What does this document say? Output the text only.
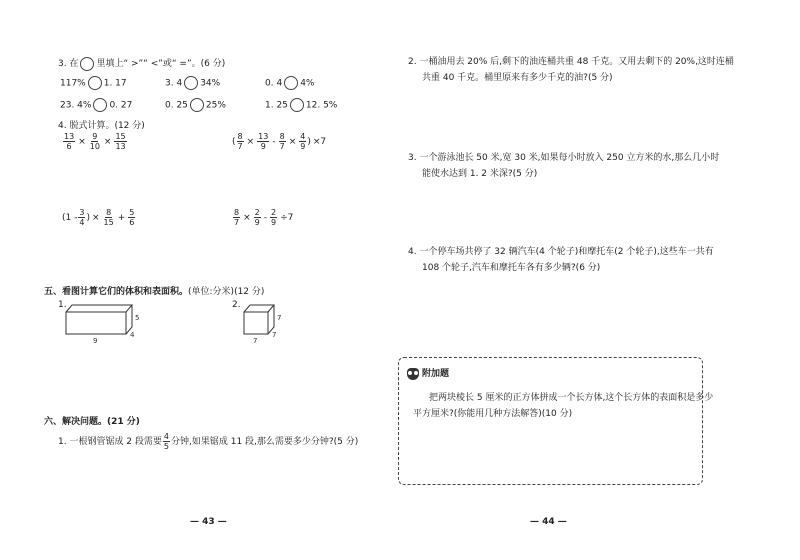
3. 在 里填上“ >”“ <”或“ =”。(6 分)
117% 1. 17	3. 4 34%	0. 4 4%
23. 4% 0. 27	0. 25 25%	1. 25 12. 5%
4. 脱式计算。(12 分)
$\frac{13}{6} \times \frac{9}{10} \times \frac{15}{13}$	( $\frac{8}{7} \times \frac{13}{9} - \frac{8}{7} \times \frac{4}{9}$ ) ×7
($1 - \frac{3}{4}$ ) × $\frac{8}{15} + \frac{5}{6}$	$\frac{8}{7} \times \frac{2}{9} - \frac{2}{9} \div 7$
五、看图计算它们的体积和表面积。(单位:分米)(12 分)
1.
9
5
4
2.
7
7
7
六、解决问题。(21 分)
1. 一根钢管锯成 2 段需要 $\frac{4}{5}$ 分钟,如果锯成 11 段,那么需要多少分钟?(5 分)
— 43 —
2. 一桶油用去 20% 后,剩下的油连桶共重 48 千克。又用去剩下的 20%,这时连桶
共重 40 千克。桶里原来有多少千克的油?(5 分)
3. 一个游泳池长 50 米,宽 30 米,如果每小时放入 250 立方米的水,那么几小时
能使水达到 1. 2 米深?(5 分)
4. 一个停车场共停了 32 辆汽车(4 个轮子)和摩托车(2 个轮子),这些车一共有
108 个轮子,汽车和摩托车各有多少辆?(6 分)
附加题
把两块棱长 5 厘米的正方体拼成一个长方体,这个长方体的表面积是多少
平方厘米?(你能用几种方法解答)(10 分)
— 44 —
